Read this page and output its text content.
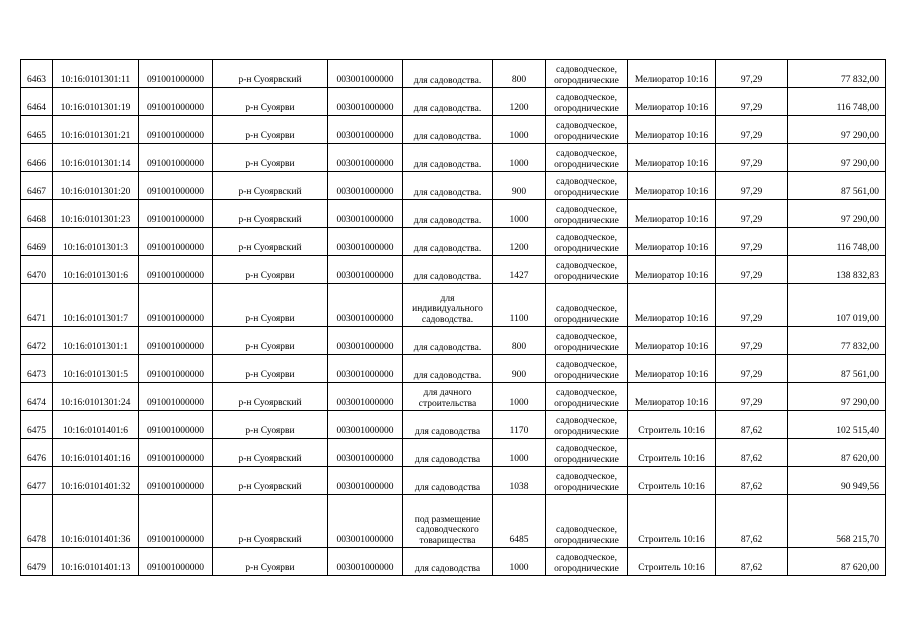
6463	10:16:0101301:11	091001000000	р-н Суоярвский	003001000000	для садоводства.	800	садоводческое, огороднические	Мелиоратор 10:16	97,29	77 832,00
6464	10:16:0101301:19	091001000000	р-н Суоярви	003001000000	для садоводства.	1200	садоводческое, огороднические	Мелиоратор 10:16	97,29	116 748,00
6465	10:16:0101301:21	091001000000	р-н Суоярви	003001000000	для садоводства.	1000	садоводческое, огороднические	Мелиоратор 10:16	97,29	97 290,00
6466	10:16:0101301:14	091001000000	р-н Суоярви	003001000000	для садоводства.	1000	садоводческое, огороднические	Мелиоратор 10:16	97,29	97 290,00
6467	10:16:0101301:20	091001000000	р-н Суоярвский	003001000000	для садоводства.	900	садоводческое, огороднические	Мелиоратор 10:16	97,29	87 561,00
6468	10:16:0101301:23	091001000000	р-н Суоярвский	003001000000	для садоводства.	1000	садоводческое, огороднические	Мелиоратор 10:16	97,29	97 290,00
6469	10:16:0101301:3	091001000000	р-н Суоярвский	003001000000	для садоводства.	1200	садоводческое, огороднические	Мелиоратор 10:16	97,29	116 748,00
6470	10:16:0101301:6	091001000000	р-н Суоярви	003001000000	для садоводства.	1427	садоводческое, огороднические	Мелиоратор 10:16	97,29	138 832,83
6471	10:16:0101301:7	091001000000	р-н Суоярви	003001000000	для индивидуального садоводства.	1100	садоводческое, огороднические	Мелиоратор 10:16	97,29	107 019,00
6472	10:16:0101301:1	091001000000	р-н Суоярви	003001000000	для садоводства.	800	садоводческое, огороднические	Мелиоратор 10:16	97,29	77 832,00
6473	10:16:0101301:5	091001000000	р-н Суоярви	003001000000	для садоводства.	900	садоводческое, огороднические	Мелиоратор 10:16	97,29	87 561,00
6474	10:16:0101301:24	091001000000	р-н Суоярвский	003001000000	для дачного строительства	1000	садоводческое, огороднические	Мелиоратор 10:16	97,29	97 290,00
6475	10:16:0101401:6	091001000000	р-н Суоярви	003001000000	для садоводства	1170	садоводческое, огороднические	Строитель 10:16	87,62	102 515,40
6476	10:16:0101401:16	091001000000	р-н Суоярвский	003001000000	для садоводства	1000	садоводческое, огороднические	Строитель 10:16	87,62	87 620,00
6477	10:16:0101401:32	091001000000	р-н Суоярвский	003001000000	для садоводства	1038	садоводческое, огороднические	Строитель 10:16	87,62	90 949,56
6478	10:16:0101401:36	091001000000	р-н Суоярвский	003001000000	под размещение садоводческого товарищества	6485	садоводческое, огороднические	Строитель 10:16	87,62	568 215,70
6479	10:16:0101401:13	091001000000	р-н Суоярви	003001000000	для садоводства	1000	садоводческое, огороднические	Строитель 10:16	87,62	87 620,00
